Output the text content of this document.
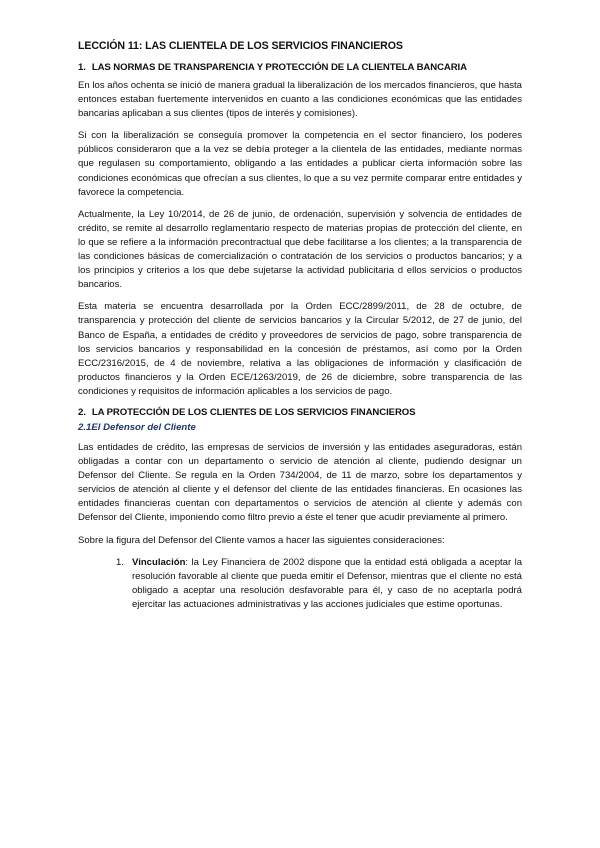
LECCIÓN 11: LAS CLIENTELA DE LOS SERVICIOS FINANCIEROS
1. LAS NORMAS DE TRANSPARENCIA Y PROTECCIÓN DE LA CLIENTELA BANCARIA

En los años ochenta se inició de manera gradual la liberalización de los mercados financieros, que hasta entonces estaban fuertemente intervenidos en cuanto a las condiciones económicas que las entidades bancarias aplicaban a sus clientes (tipos de interés y comisiones).

Si con la liberalización se conseguía promover la competencia en el sector financiero, los poderes públicos consideraron que a la vez se debía proteger a la clientela de las entidades, mediante normas que regulasen su comportamiento, obligando a las entidades a publicar cierta información sobre las condiciones económicas que ofrecían a sus clientes, lo que a su vez permite comparar entre entidades y favorece la competencia.

Actualmente, la Ley 10/2014, de 26 de junio, de ordenación, supervisión y solvencia de entidades de crédito, se remite al desarrollo reglamentario respecto de materias propias de protección del cliente, en lo que se refiere a la información precontractual que debe facilitarse a los clientes; a la transparencia de las condiciones básicas de comercialización o contratación de los servicios o productos bancarios; y a los principios y criterios a los que debe sujetarse la actividad publicitaria d ellos servicios o productos bancarios.

Esta materia se encuentra desarrollada por la Orden ECC/2899/2011, de 28 de octubre, de transparencia y protección del cliente de servicios bancarios y la Circular 5/2012, de 27 de junio, del Banco de España, a entidades de crédito y proveedores de servicios de pago, sobre transparencia de los servicios bancarios y responsabilidad en la concesión de préstamos, así como por la Orden ECC/2316/2015, de 4 de noviembre, relativa a las obligaciones de información y clasificación de productos financieros y la Orden ECE/1263/2019, de 26 de diciembre, sobre transparencia de las condiciones y requisitos de información aplicables a los servicios de pago.

2. LA PROTECCIÓN DE LOS CLIENTES DE LOS SERVICIOS FINANCIEROS
2.1El Defensor del Cliente

Las entidades de crédito, las empresas de servicios de inversión y las entidades aseguradoras, están obligadas a contar con un departamento o servicio de atención al cliente, pudiendo designar un Defensor del Cliente. Se regula en la Orden 734/2004, de 11 de marzo, sobre los departamentos y servicios de atención al cliente y el defensor del cliente de las entidades financieras. En ocasiones las entidades financieras cuentan con departamentos o servicios de atención al cliente y además con Defensor del Cliente, imponiendo como filtro previo a éste el tener que acudir previamente al primero.

Sobre la figura del Defensor del Cliente vamos a hacer las siguientes consideraciones:

1. Vinculación: la Ley Financiera de 2002 dispone que la entidad está obligada a aceptar la resolución favorable al cliente que pueda emitir el Defensor, mientras que el cliente no está obligado a aceptar una resolución desfavorable para él, y caso de no aceptarla podrá ejercitar las actuaciones administrativas y las acciones judiciales que estime oportunas.
